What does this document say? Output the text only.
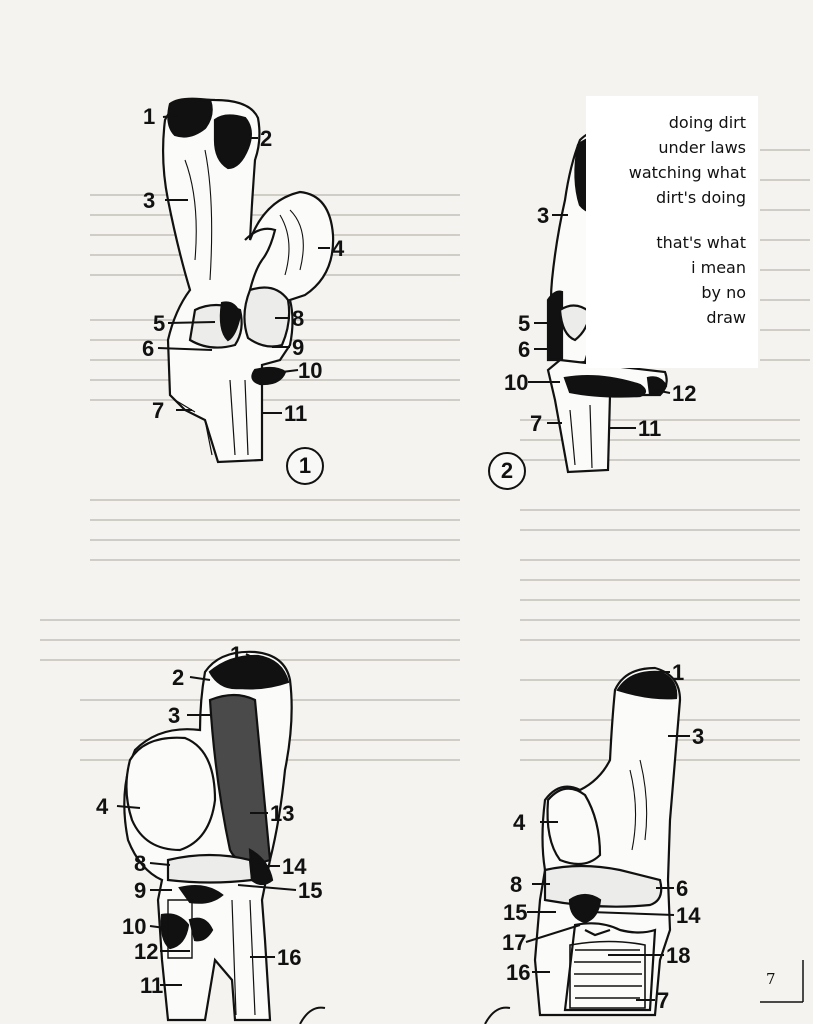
1
2
3
4
5
6
8
9
10
7	11
1
3
5
6
10	12
7	11
2
1
2
3
4	13
8	14
9	15
10
12	16
11
1
3
4
8	6
15	14
17
18
16
7
doing dirt
under laws
watching what
dirt's doing
that's what
i mean
by no
draw
7
